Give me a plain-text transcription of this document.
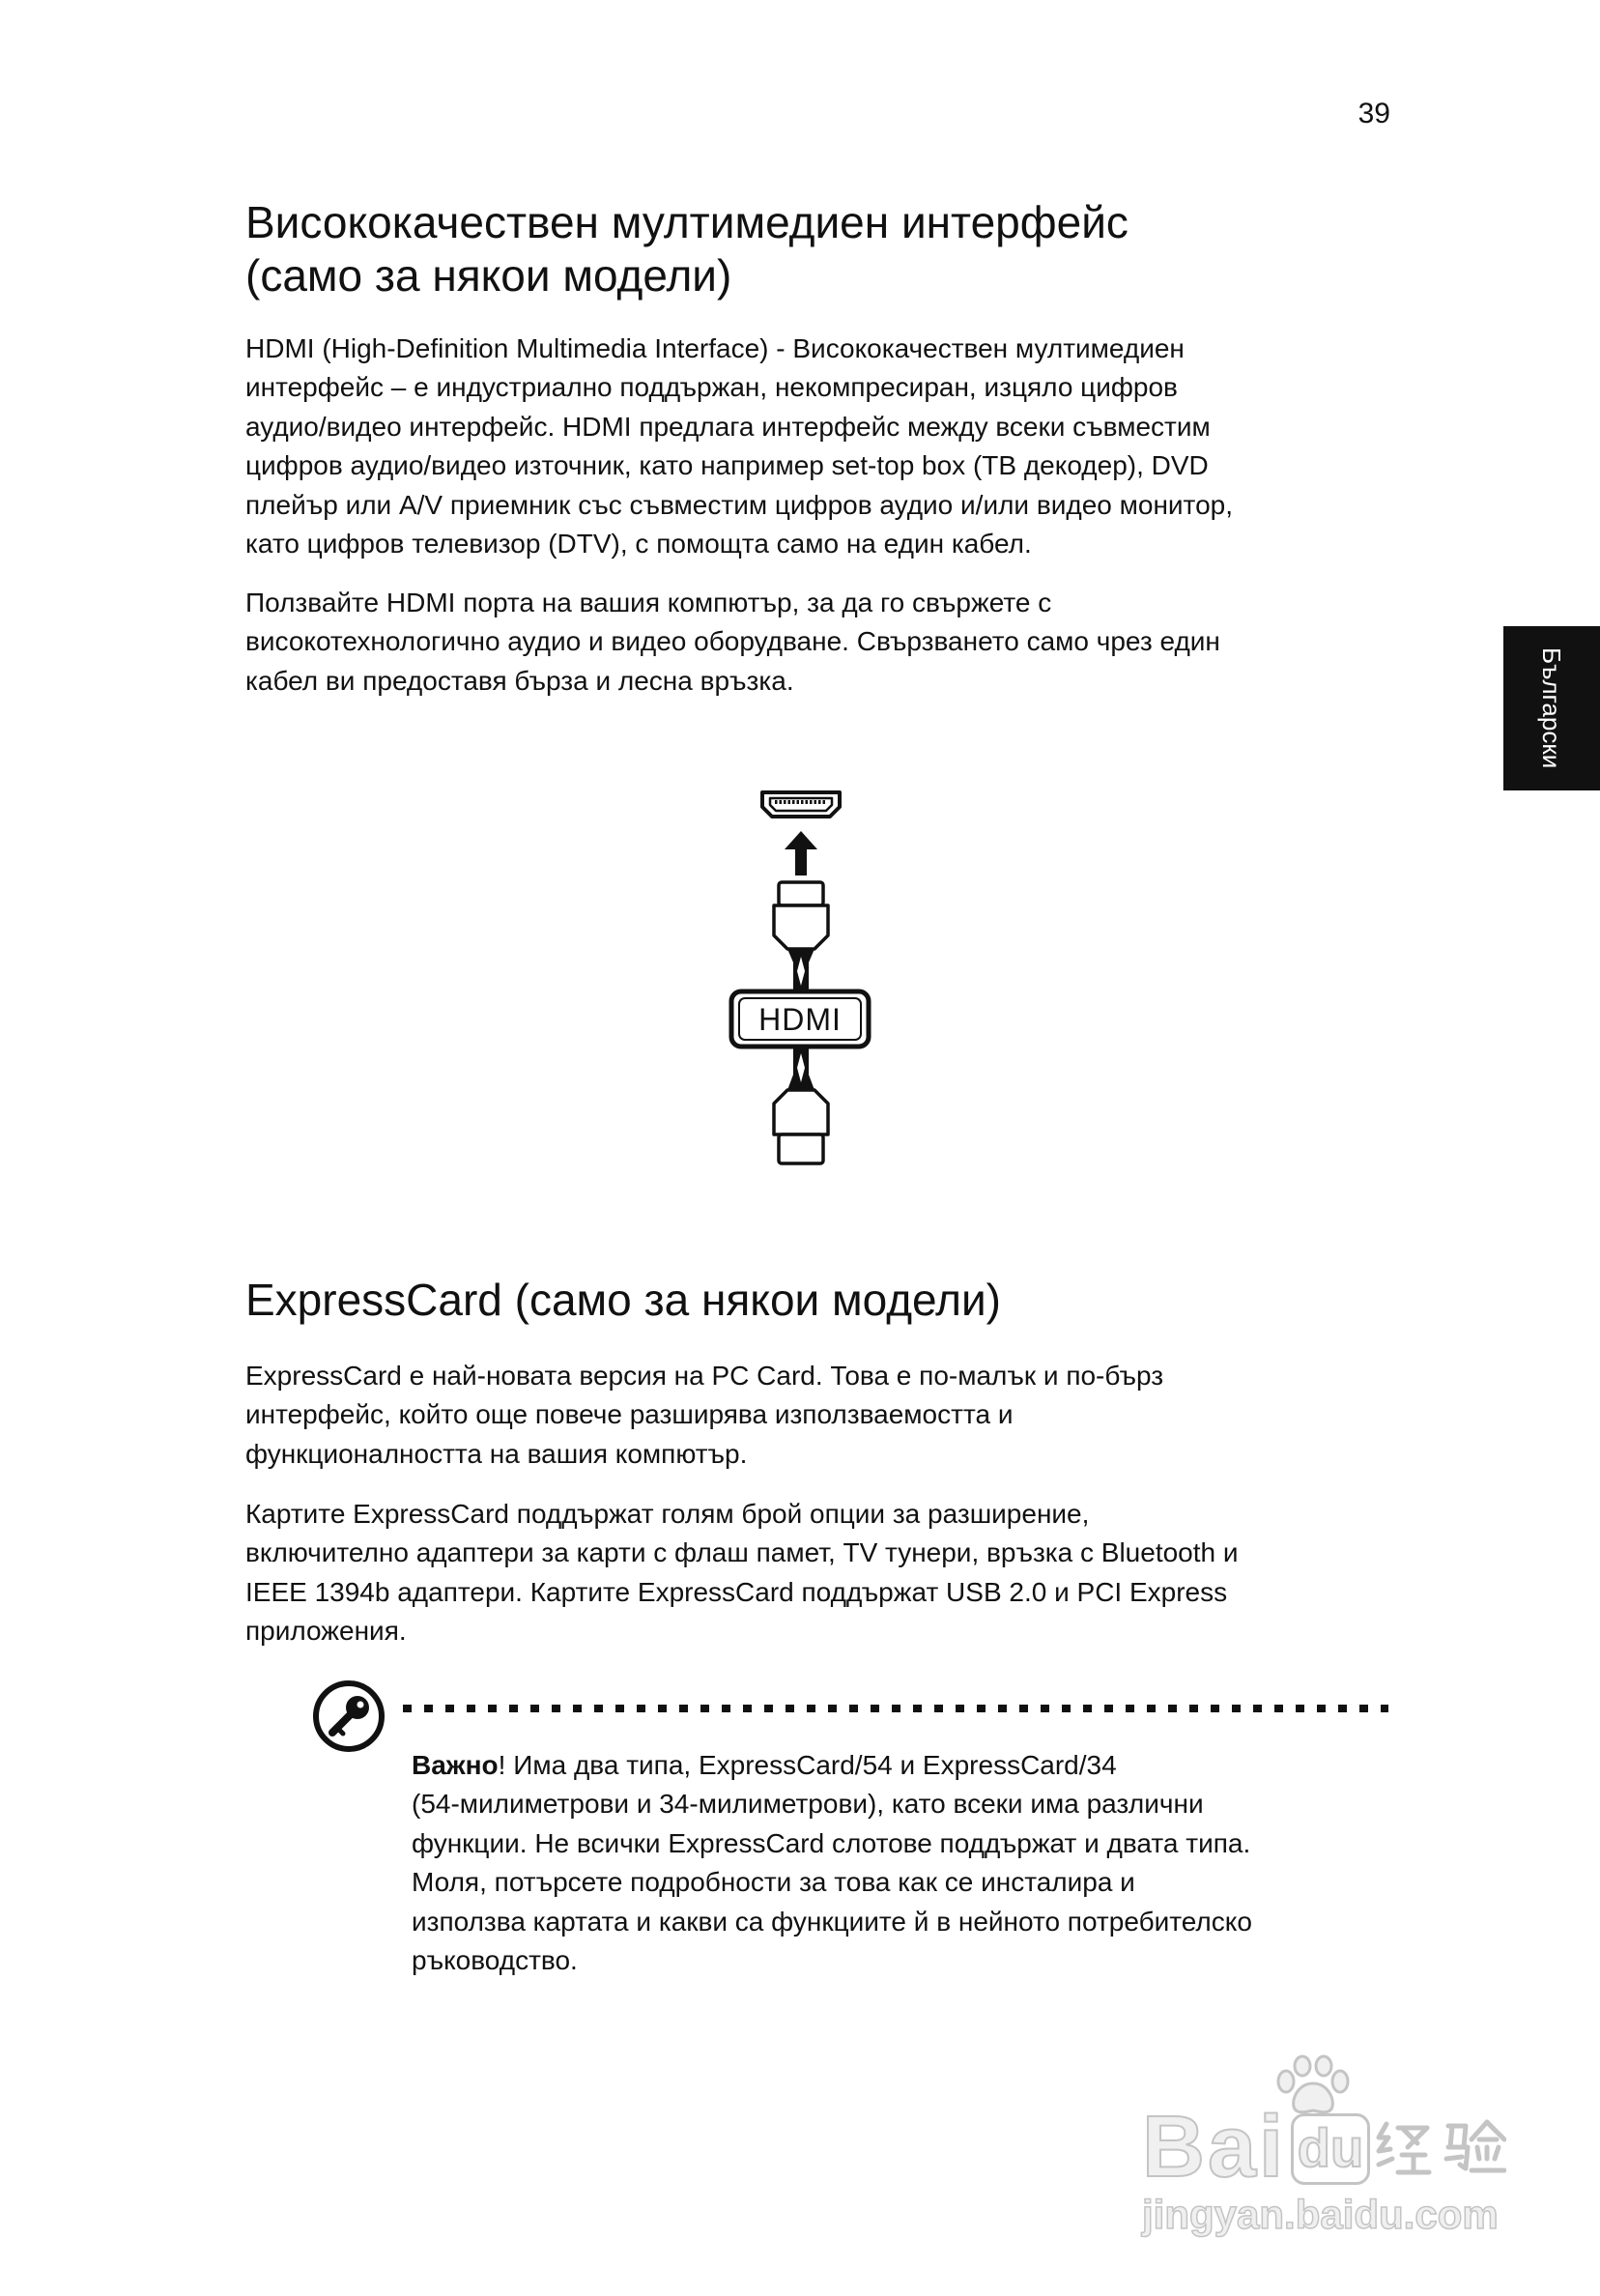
39
Български
Висококачествен мултимедиен интерфейс
(само за някои модели)
HDMI (High-Definition Multimedia Interface) - Висококачествен мултимедиен
интерфейс – е индустриално поддържан, некомпресиран, изцяло цифров
аудио/видео интерфейс. HDMI предлага интерфейс между всеки съвместим
цифров аудио/видео източник, като например set-top box (ТВ декодер), DVD
плейър или A/V приемник със съвместим цифров аудио и/или видео монитор,
като цифров телевизор (DTV), с помощта само на един кабел.
Ползвайте HDMI порта на вашия компютър, за да го свържете с
високотехнологично аудио и видео оборудване. Свързването само чрез един
кабел ви предоставя бърза и лесна връзка.
HDMI
ExpressCard (само за някои модели)
ExpressCard е най-новата версия на PC Card. Това е по-малък и по-бърз
интерфейс, който още повече разширява използваемостта и
функционалността на вашия компютър.
Картите ExpressCard поддържат голям брой опции за разширение,
включително адаптери за карти с флаш памет, TV тунери, връзка с Bluetooth и
IEEE 1394b адаптери. Картите ExpressCard поддържат USB 2.0 и PCI Express
приложения.
Важно! Има два типа, ExpressCard/54 и ExpressCard/34
(54-милиметрови и 34-милиметрови), като всеки има различни
функции. Не всички ExpressCard слотове поддържат и двата типа.
Моля, потърсете подробности за това как се инсталира и
използва картата и какви са функциите й в нейното потребителско
ръководство.
Bai du
jingyan.baidu.com
